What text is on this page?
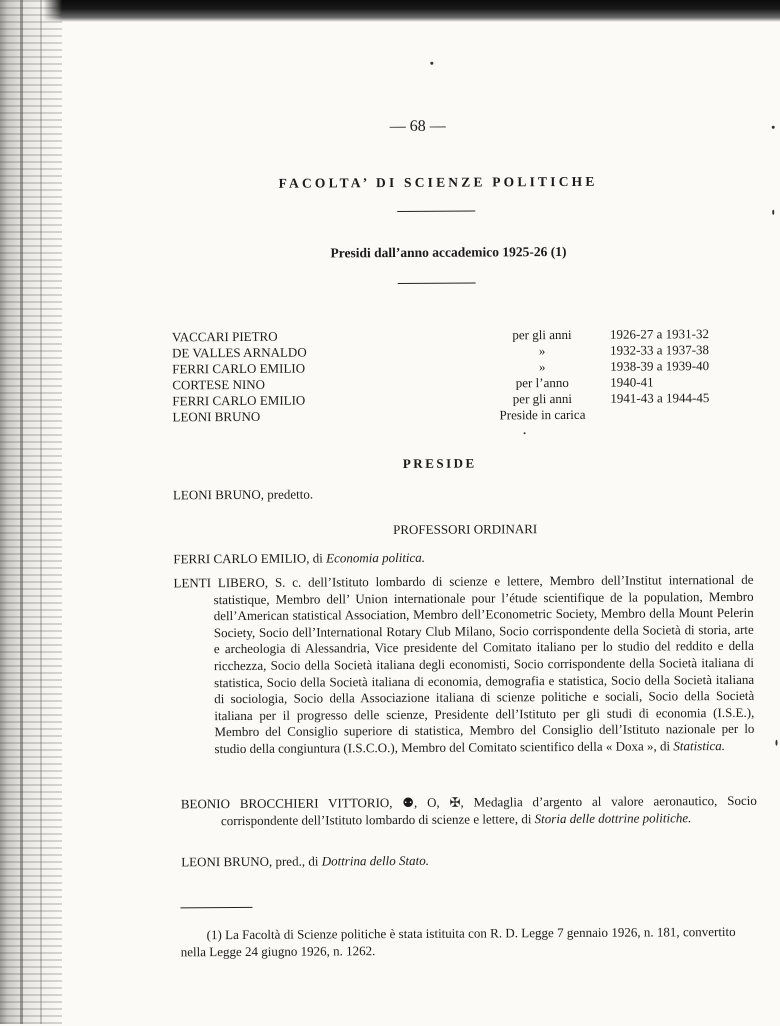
— 68 —
FACOLTA’ DI SCIENZE POLITICHE
Presidi dall’anno accademico 1925-26 (1)
VACCARI PIETRO	per gli anni	1926-27 a 1931-32
DE VALLES ARNALDO	»	1932-33 a 1937-38
FERRI CARLO EMILIO	»	1938-39 a 1939-40
CORTESE NINO	per l’anno	1940-41
FERRI CARLO EMILIO	per gli anni	1941-43 a 1944-45
LEONI BRUNO	Preside in carica
PRESIDE
LEONI BRUNO, predetto.
PROFESSORI ORDINARI
FERRI CARLO EMILIO, di Economia politica.
LENTI LIBERO, S. c. dell’Istituto lombardo di scienze e lettere, Membro dell’Institut international de statistique, Membro dell’ Union internationale pour l’étude scientifique de la population, Membro dell’American statistical Association, Membro dell’Econometric Society, Membro della Mount Pelerin Society, Socio dell’International Rotary Club Milano, Socio corrispondente della Società di storia, arte e archeologia di Alessandria, Vice presidente del Comitato italiano per lo studio del reddito e della ricchezza, Socio della Società italiana degli economisti, Socio corrispondente della Società italiana di statistica, Socio della Società italiana di economia, demografia e statistica, Socio della Società italiana di sociologia, Socio della Associazione italiana di scienze politiche e sociali, Socio della Società italiana per il progresso delle scienze, Presidente dell’Istituto per gli studi di economia (I.S.E.), Membro del Consiglio superiore di statistica, Membro del Consiglio dell’Istituto nazionale per lo studio della congiuntura (I.S.C.O.), Membro del Comitato scientifico della « Doxa », di Statistica.
BEONIO BROCCHIERI VITTORIO, ⚉, O, ✠, Medaglia d’argento al valore aeronautico, Socio corrispondente dell’Istituto lombardo di scienze e lettere, di Storia delle dottrine politiche.
LEONI BRUNO, pred., di Dottrina dello Stato.
(1) La Facoltà di Scienze politiche è stata istituita con R. D. Legge 7 gennaio 1926, n. 181, convertito nella Legge 24 giugno 1926, n. 1262.
